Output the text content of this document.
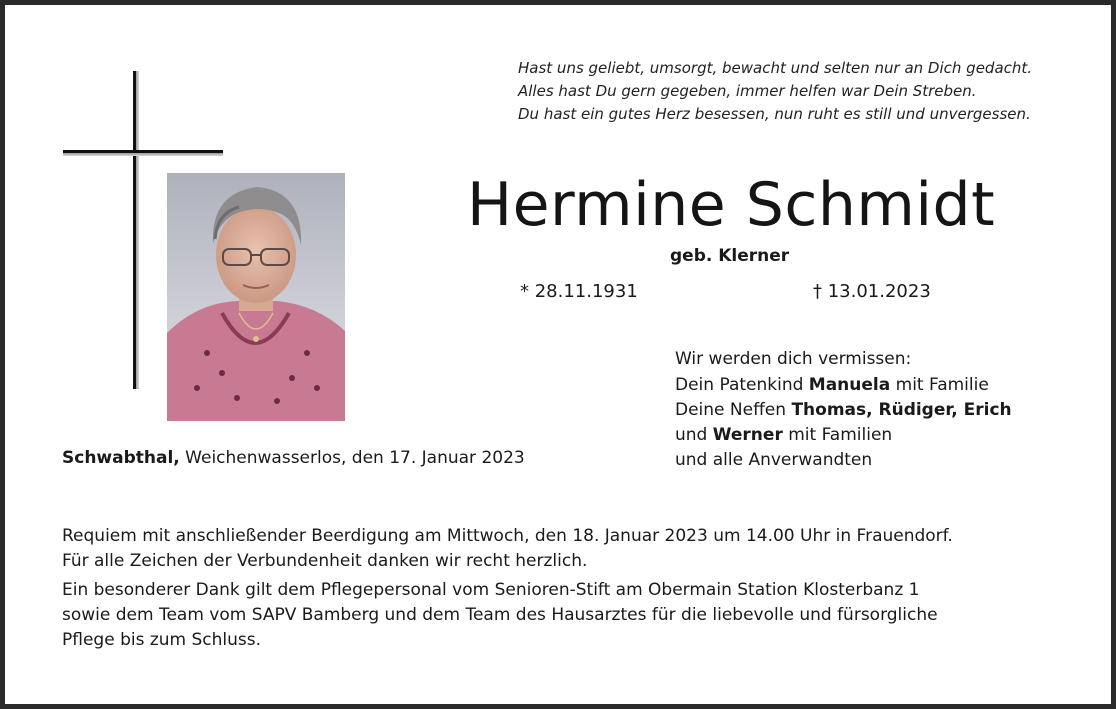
Hast uns geliebt, umsorgt, bewacht und selten nur an Dich gedacht.
Alles hast Du gern gegeben, immer helfen war Dein Streben.
Du hast ein gutes Herz besessen, nun ruht es still und unvergessen.
Hermine Schmidt
geb. Klerner
* 28.11.1931	† 13.01.2023
Wir werden dich vermissen:
Dein Patenkind Manuela mit Familie
Deine Neffen Thomas, Rüdiger, Erich
und Werner mit Familien
und alle Anverwandten
Schwabthal, Weichenwasserlos, den 17. Januar 2023
Requiem mit anschließender Beerdigung am Mittwoch, den 18. Januar 2023 um 14.00 Uhr in Frauendorf.
Für alle Zeichen der Verbundenheit danken wir recht herzlich.
Ein besonderer Dank gilt dem Pflegepersonal vom Senioren-Stift am Obermain Station Klosterbanz 1
sowie dem Team vom SAPV Bamberg und dem Team des Hausarztes für die liebevolle und fürsorgliche
Pflege bis zum Schluss.
